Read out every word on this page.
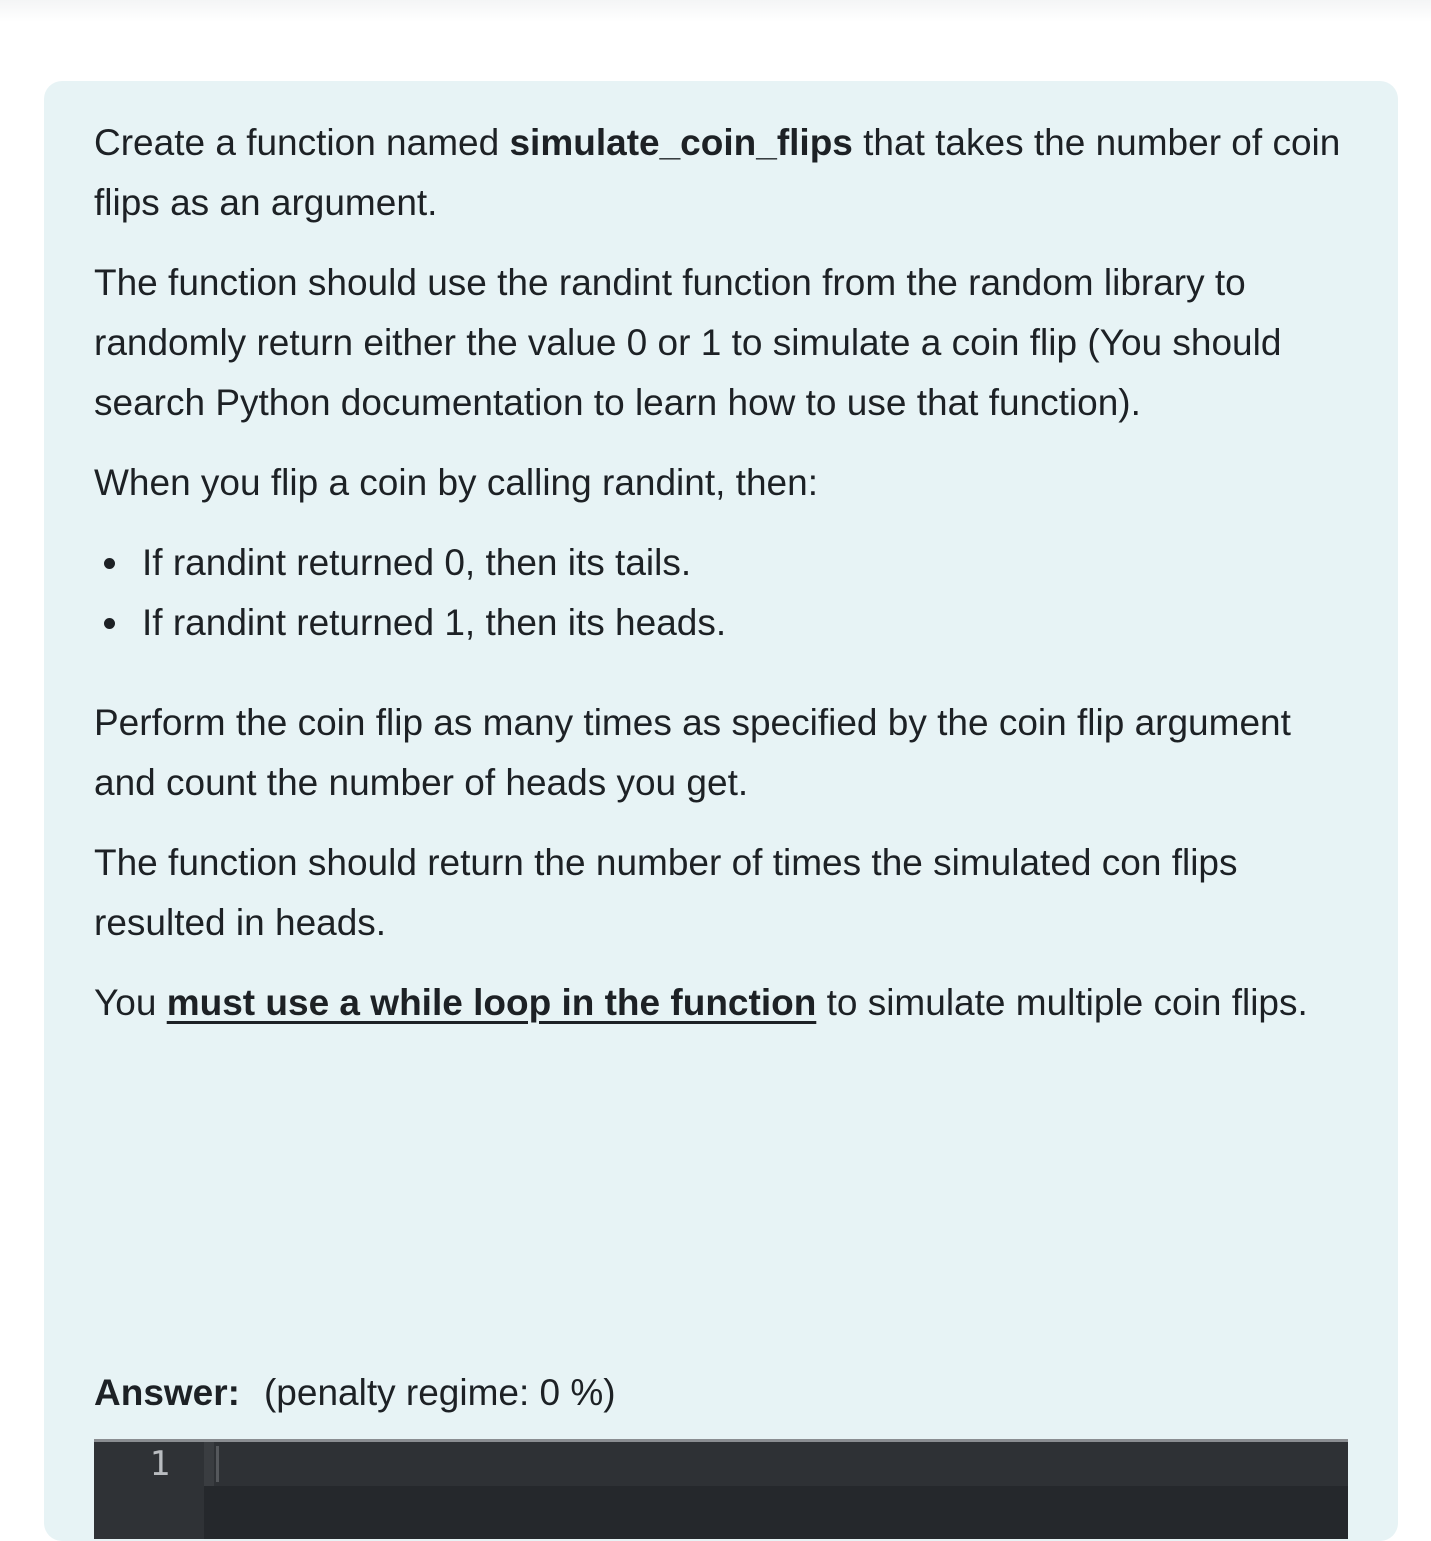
Create a function named simulate_coin_flips that takes the number of coin flips as an argument.

The function should use the randint function from the random library to randomly return either the value 0 or 1 to simulate a coin flip (You should search Python documentation to learn how to use that function).

When you flip a coin by calling randint, then:

If randint returned 0, then its tails.
If randint returned 1, then its heads.

Perform the coin flip as many times as specified by the coin flip argument and count the number of heads you get.

The function should return the number of times the simulated con flips resulted in heads.

You must use a while loop in the function to simulate multiple coin flips.

Answer: (penalty regime: 0 %)
1
